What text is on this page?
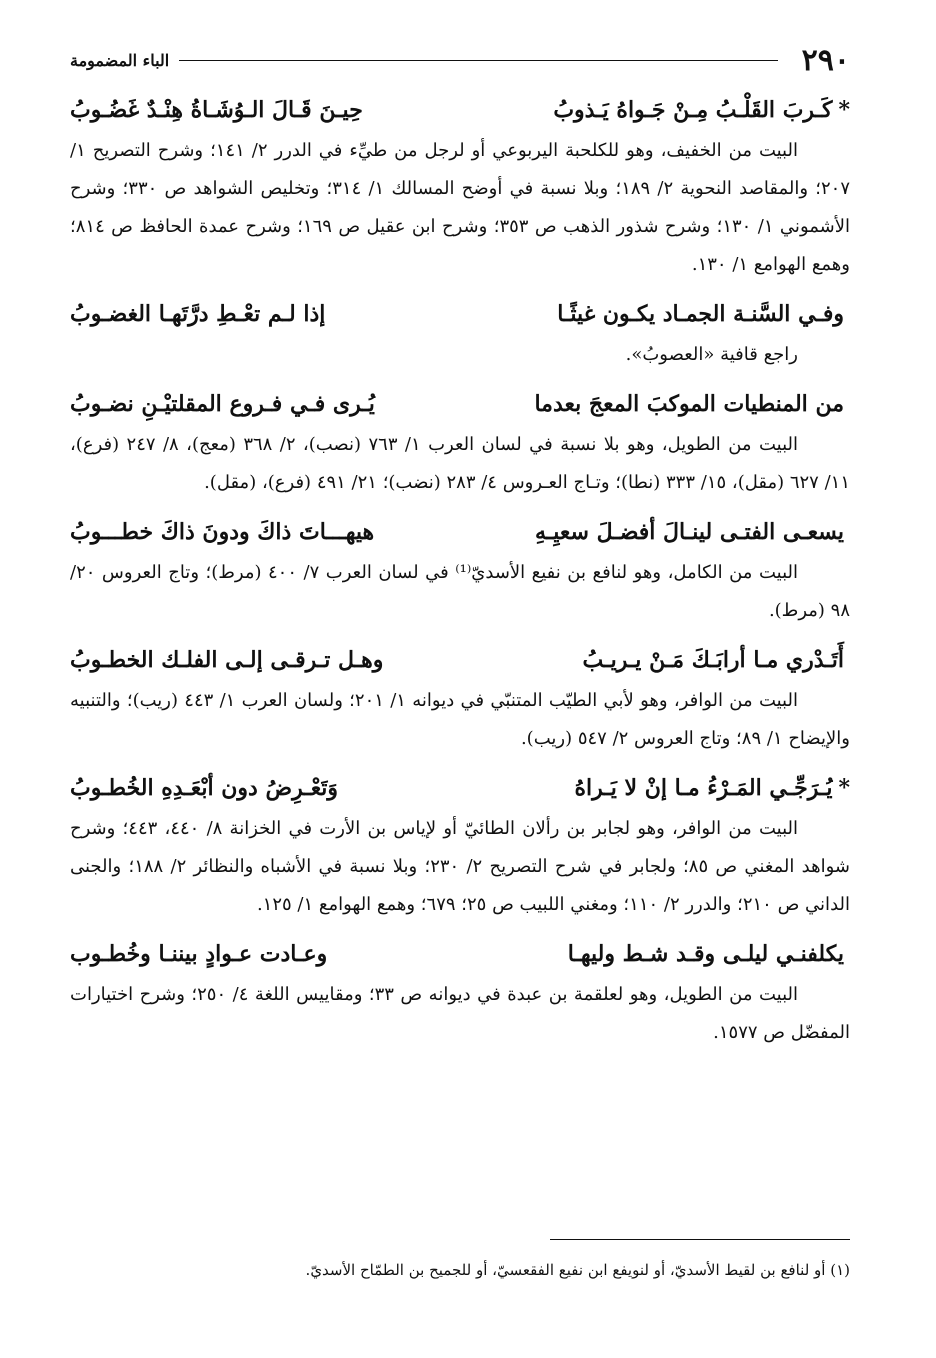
٢٩٠
الباء المضمومة
*كَـربَ القَلْـبُ مِـنْ جَـواهُ يَـذوبُ
حِيـنَ قَـالَ الـوُشَـاةُ هِنْـدٌ غَضُـوبُ
البيت من الخفيف، وهو للكلحبة اليربوعي أو لرجل من طيِّء في الدرر ٢/ ١٤١؛ وشرح التصريح ١/ ٢٠٧؛ والمقاصد النحوية ٢/ ١٨٩؛ وبلا نسبة في أوضح المسالك ١/ ٣١٤؛ وتخليص الشواهد ص ٣٣٠؛ وشرح الأشموني ١/ ١٣٠؛ وشرح شذور الذهب ص ٣٥٣؛ وشرح ابن عقيل ص ١٦٩؛ وشرح عمدة الحافظ ص ٨١٤؛ وهمع الهوامع ١/ ١٣٠.
وفـي السَّنـة الجمـاد يكـون غيثًـا
إذا لـم تعْـطِ درَّتَهـا الغضـوبُ
راجع قافية «العصوبُ».
من المنطيات الموكبَ المعجَ بعدما
يُـرى فـي فـروع المقلتيْـنِ نضـوبُ
البيت من الطويل، وهو بلا نسبة في لسان العرب ١/ ٧٦٣ (نصب)، ٢/ ٣٦٨ (معج)، ٨/ ٢٤٧ (فرع)، ١١/ ٦٢٧ (مقل)، ١٥/ ٣٣٣ (نطا)؛ وتـاج العـروس ٤/ ٢٨٣ (نضب)؛ ٢١/ ٤٩١ (فرع)، (مقل).
يسعـى الفتـى لينـالَ أفضـلَ سعيِـهِ
هيهـــاتَ ذاكَ ودونَ ذاكَ خطـــوبُ
البيت من الكامل، وهو لنافع بن نفيع الأسديّ⁽¹⁾ في لسان العرب ٧/ ٤٠٠ (مرط)؛ وتاج العروس ٢٠/ ٩٨ (مرط).
أَتَـدْري مـا أرابَـكَ مَـنْ يـريـبُ
وهـل تـرقـى إلـى الفلـك الخطـوبُ
البيت من الوافر، وهو لأبي الطيّب المتنبّي في ديوانه ١/ ٢٠١؛ ولسان العرب ١/ ٤٤٣ (ريب)؛ والتنبيه والإيضاح ١/ ٨٩؛ وتاج العروس ٢/ ٥٤٧ (ريب).
*يُـرَجِّـي المَـرْءُ مـا إنْ لا يَـراهُ
وَتَعْـرِضُ دون أبْعَـدِهِ الخُطـوبُ
البيت من الوافر، وهو لجابر بن رألان الطائيّ أو لإياس بن الأرت في الخزانة ٨/ ٤٤٠، ٤٤٣؛ وشرح شواهد المغني ص ٨٥؛ ولجابر في شرح التصريح ٢/ ٢٣٠؛ وبلا نسبة في الأشباه والنظائر ٢/ ١٨٨؛ والجنى الداني ص ٢١٠؛ والدرر ٢/ ١١٠؛ ومغني اللبيب ص ٢٥؛ ٦٧٩؛ وهمع الهوامع ١/ ١٢٥.
يكلفنـي ليلـى وقـد شـط وليهـا
وعـادت عـوادٍ بيننـا وخُطـوب
البيت من الطويل، وهو لعلقمة بن عبدة في ديوانه ص ٣٣؛ ومقاييس اللغة ٤/ ٢٥٠؛ وشرح اختيارات المفضّل ص ١٥٧٧.
(١) أو لنافع بن لقيط الأسديّ، أو لنويفع ابن نفيع الفقعسيّ، أو للجميح بن الطمّاح الأسديّ.
